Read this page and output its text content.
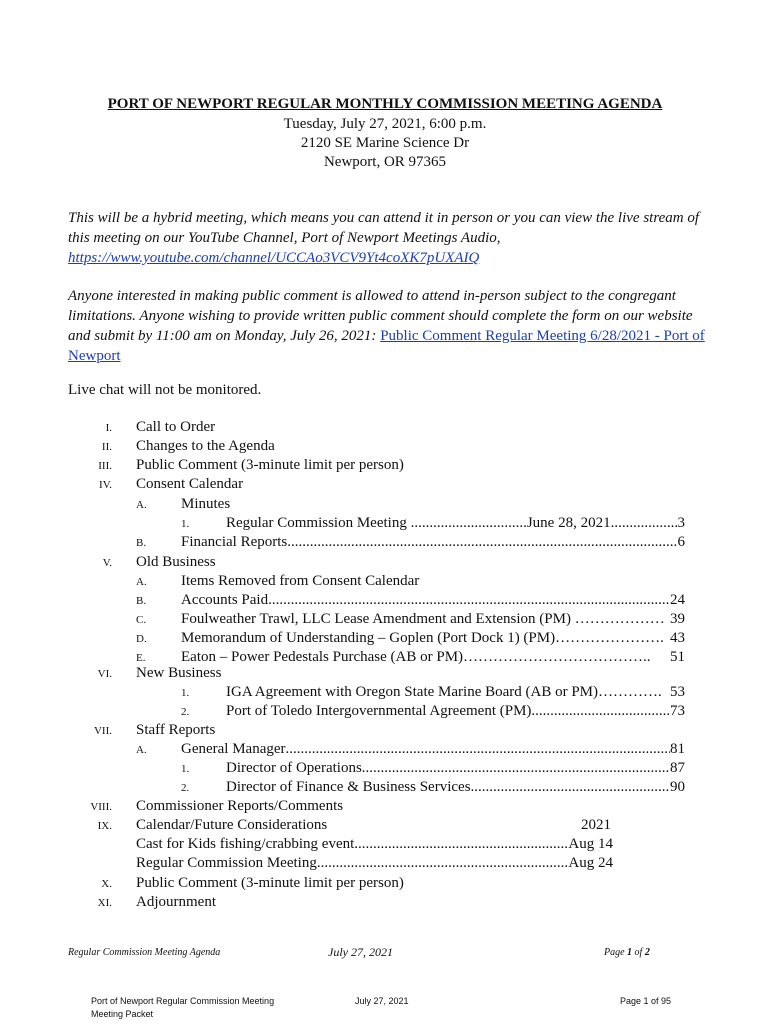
PORT OF NEWPORT REGULAR MONTHLY COMMISSION MEETING AGENDA
Tuesday, July 27, 2021, 6:00 p.m.
2120 SE Marine Science Dr
Newport, OR 97365
This will be a hybrid meeting, which means you can attend it in person or you can view the live stream of this meeting on our YouTube Channel, Port of Newport Meetings Audio, https://www.youtube.com/channel/UCCAo3VCV9Yt4coXK7pUXAIQ
Anyone interested in making public comment is allowed to attend in-person subject to the congregant limitations. Anyone wishing to provide written public comment should complete the form on our website and submit by 11:00 am on Monday, July 26, 2021: Public Comment Regular Meeting 6/28/2021 - Port of Newport
Live chat will not be monitored.
I. Call to Order
II. Changes to the Agenda
III. Public Comment (3-minute limit per person)
IV. Consent Calendar
A. Minutes
1. Regular Commission Meeting ...............................June 28, 2021 .....	3
B. Financial Reports .....	6
V. Old Business
A. Items Removed from Consent Calendar
B. Accounts Paid .....	24
C. Foulweather Trawl, LLC Lease Amendment and Extension (PM) ……………… 39
D. Memorandum of Understanding – Goplen (Port Dock 1) (PM)…………………. 43
E. Eaton – Power Pedestals Purchase (AB or PM)……………………………….. 51
VI. New Business
1. IGA Agreement with Oregon State Marine Board (AB or PM)…………. 53
2. Port of Toledo Intergovernmental Agreement (PM) .....	73
VII. Staff Reports
A. General Manager .....	81
1. Director of Operations .....	87
2. Director of Finance & Business Services .....	90
VIII. Commissioner Reports/Comments
IX. Calendar/Future Considerations	2021
Cast for Kids fishing/crabbing event .....	Aug 14
Regular Commission Meeting .....	Aug 24
X. Public Comment (3-minute limit per person)
XI. Adjournment
Regular Commission Meeting Agenda	July 27, 2021	Page 1 of 2
Port of Newport Regular Commission Meeting
Meeting Packet
July 27, 2021	Page 1 of 95
